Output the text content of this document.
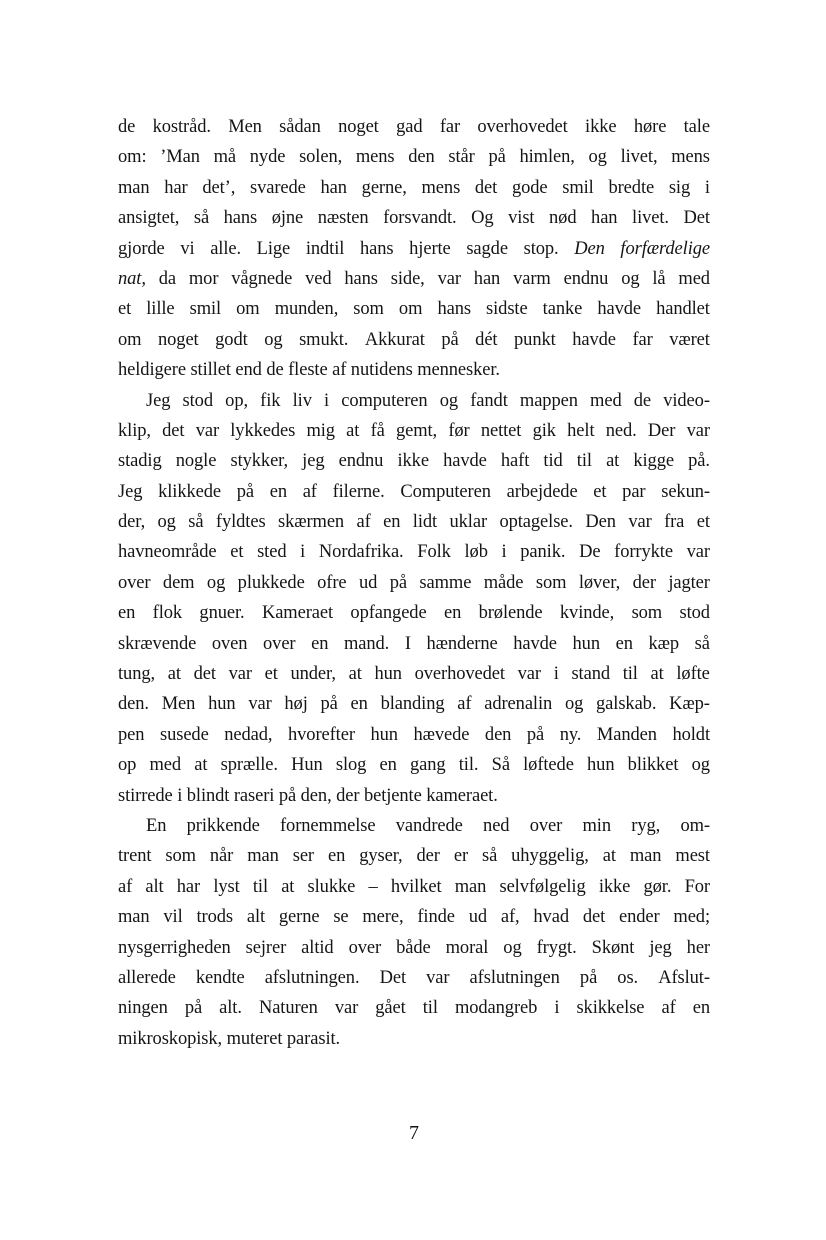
de kostråd. Men sådan noget gad far overhovedet ikke høre tale
om: ’Man må nyde solen, mens den står på himlen, og livet, mens
man har det’, svarede han gerne, mens det gode smil bredte sig i
ansigtet, så hans øjne næsten forsvandt. Og vist nød han livet. Det
gjorde vi alle. Lige indtil hans hjerte sagde stop. Den forfærdelige
nat, da mor vågnede ved hans side, var han varm endnu og lå med
et lille smil om munden, som om hans sidste tanke havde handlet
om noget godt og smukt. Akkurat på dét punkt havde far været
heldigere stillet end de fleste af nutidens mennesker.
Jeg stod op, fik liv i computeren og fandt mappen med de video-
klip, det var lykkedes mig at få gemt, før nettet gik helt ned. Der var
stadig nogle stykker, jeg endnu ikke havde haft tid til at kigge på.
Jeg klikkede på en af filerne. Computeren arbejdede et par sekun-
der, og så fyldtes skærmen af en lidt uklar optagelse. Den var fra et
havneområde et sted i Nordafrika. Folk løb i panik. De forrykte var
over dem og plukkede ofre ud på samme måde som løver, der jagter
en flok gnuer. Kameraet opfangede en brølende kvinde, som stod
skrævende oven over en mand. I hænderne havde hun en kæp så
tung, at det var et under, at hun overhovedet var i stand til at løfte
den. Men hun var høj på en blanding af adrenalin og galskab. Kæp-
pen susede nedad, hvorefter hun hævede den på ny. Manden holdt
op med at sprælle. Hun slog en gang til. Så løftede hun blikket og
stirrede i blindt raseri på den, der betjente kameraet.
En prikkende fornemmelse vandrede ned over min ryg, om-
trent som når man ser en gyser, der er så uhyggelig, at man mest
af alt har lyst til at slukke – hvilket man selvfølgelig ikke gør. For
man vil trods alt gerne se mere, finde ud af, hvad det ender med;
nysgerrigheden sejrer altid over både moral og frygt. Skønt jeg her
allerede kendte afslutningen. Det var afslutningen på os. Afslut-
ningen på alt. Naturen var gået til modangreb i skikkelse af en
mikroskopisk, muteret parasit.
7
